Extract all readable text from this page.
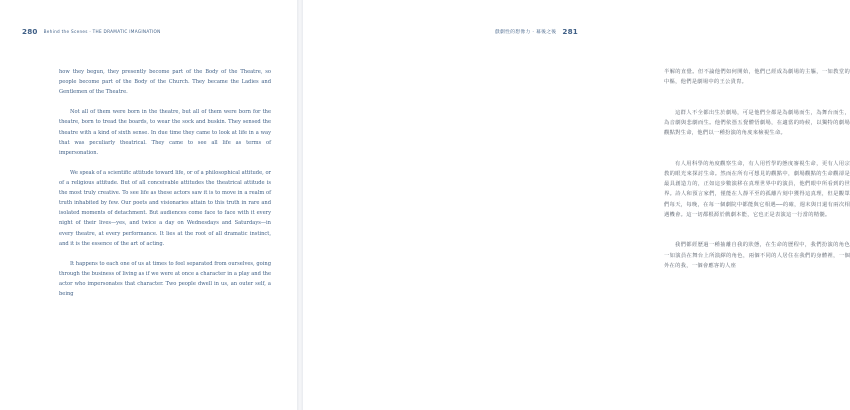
280 Behind the Scenes · THE DRAMATIC IMAGINATION

how they begun, they presently become part of the Body of the Theatre, so people become part of the Body of the Church. They became the Ladies and Gentlemen of the Theatre.

Not all of them were born in the theatre, but all of them were born for the theatre, born to tread the boards, to wear the sock and buskin. They sensed the theatre with a kind of sixth sense. In due time they came to look at life in a way that was peculiarly theatrical. They came to see all life as terms of impersonation.

We speak of a scientific attitude toward life, or of a philosophical attitude, or of a religious attitude. But of all conceivable attitudes the theatrical attitude is the most truly creative. To see life as these actors saw it is to move in a realm of truth inhabited by few. Our poets and visionaries attain to this truth in rare and isolated moments of detachment. But audiences come face to face with it every night of their lives—yes, and twice a day on Wednesdays and Saturdays—in every theatre, at every performance. It lies at the root of all dramatic instinct, and it is the essence of the art of acting.

It happens to each one of us at times to feel separated from ourselves, going through the business of living as if we were at once a character in a play and the actor who impersonates that character. Two people dwell in us, an outer self, a being

戲劇性的想像力 · 幕後之後 281

半解的直覺。但不論他們如何開始，他們已經成為劇場的主軀，一如教堂的中樞，他們是劇場中的王公貴冑。

這群人不全都出生於劇場，可是他們全都是為劇場而生，為舞台而生，為音劇與悲劇而生。他們依憑五覺體悟劇場，在適當的時候，以獨特的劇場觀點對生命，他們以一種扮演的角度來檢視生命。

有人用科學的角度觀察生命，有人用哲學的態度審視生命，更有人用宗教的眼光來探討生命。然而在所有可想見的觀點中，劇場觀點的生命觀卻是最具創造力的，正如這步數演移在真理世界中的演員，他們眼中所看到的世界。詩人和預言家們，僅能在人靜平至的孤離片刻中獲得這真理，但是觀眾們每天，每晚，在每一個劇院中都能與它相遇──的確，週末與日還有兩次相遇機會。這一切都根源於戲劇本能，它也正是表演這一行當的精髓。

我們都經歷過一種抽離自我的狀態，在生命的歷程中，我們扮演的角色一如演員在舞台上所演繹的角色，兩個不同的人居住在我們的身體裡，一個外在的我，一個會應客的人座
